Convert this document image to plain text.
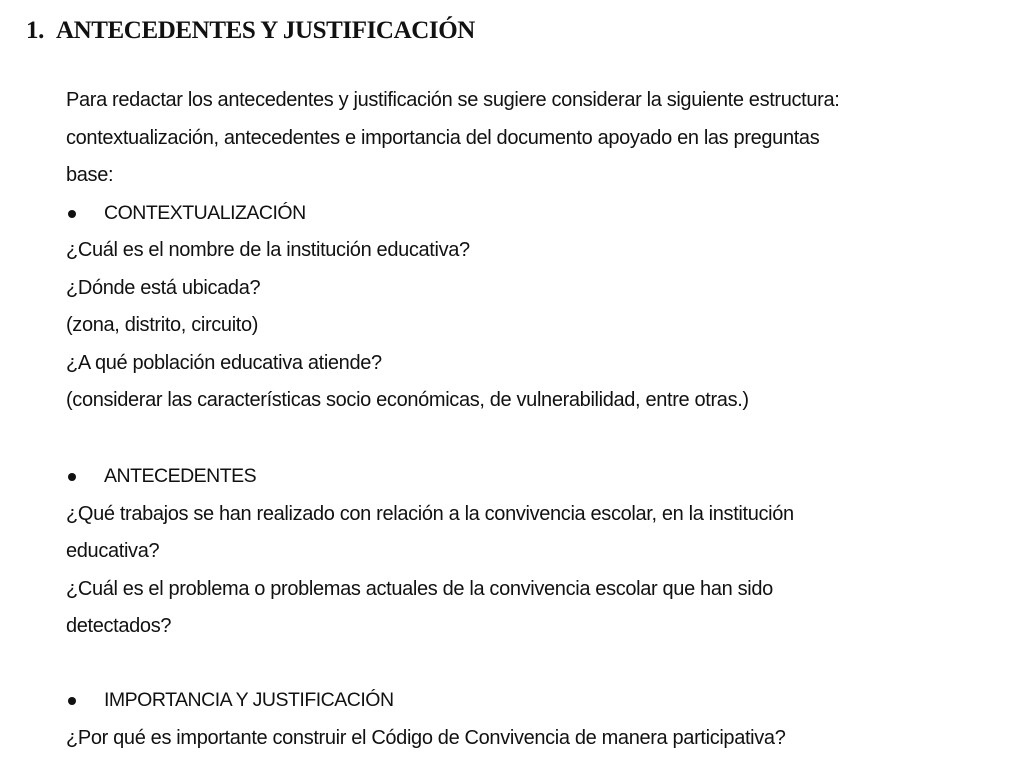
1. ANTECEDENTES Y JUSTIFICACIÓN
Para redactar los antecedentes y justificación se sugiere considerar la siguiente estructura:
contextualización, antecedentes e importancia del documento apoyado en las preguntas
base:
CONTEXTUALIZACIÓN
¿Cuál es el nombre de la institución educativa?
¿Dónde está ubicada?
(zona, distrito, circuito)
¿A qué población educativa atiende?
(considerar las características socio económicas, de vulnerabilidad, entre otras.)
ANTECEDENTES
¿Qué trabajos se han realizado con relación a la convivencia escolar, en la institución
educativa?
¿Cuál es el problema o problemas actuales de la convivencia escolar que han sido
detectados?
IMPORTANCIA Y JUSTIFICACIÓN
¿Por qué es importante construir el Código de Convivencia de manera participativa?
